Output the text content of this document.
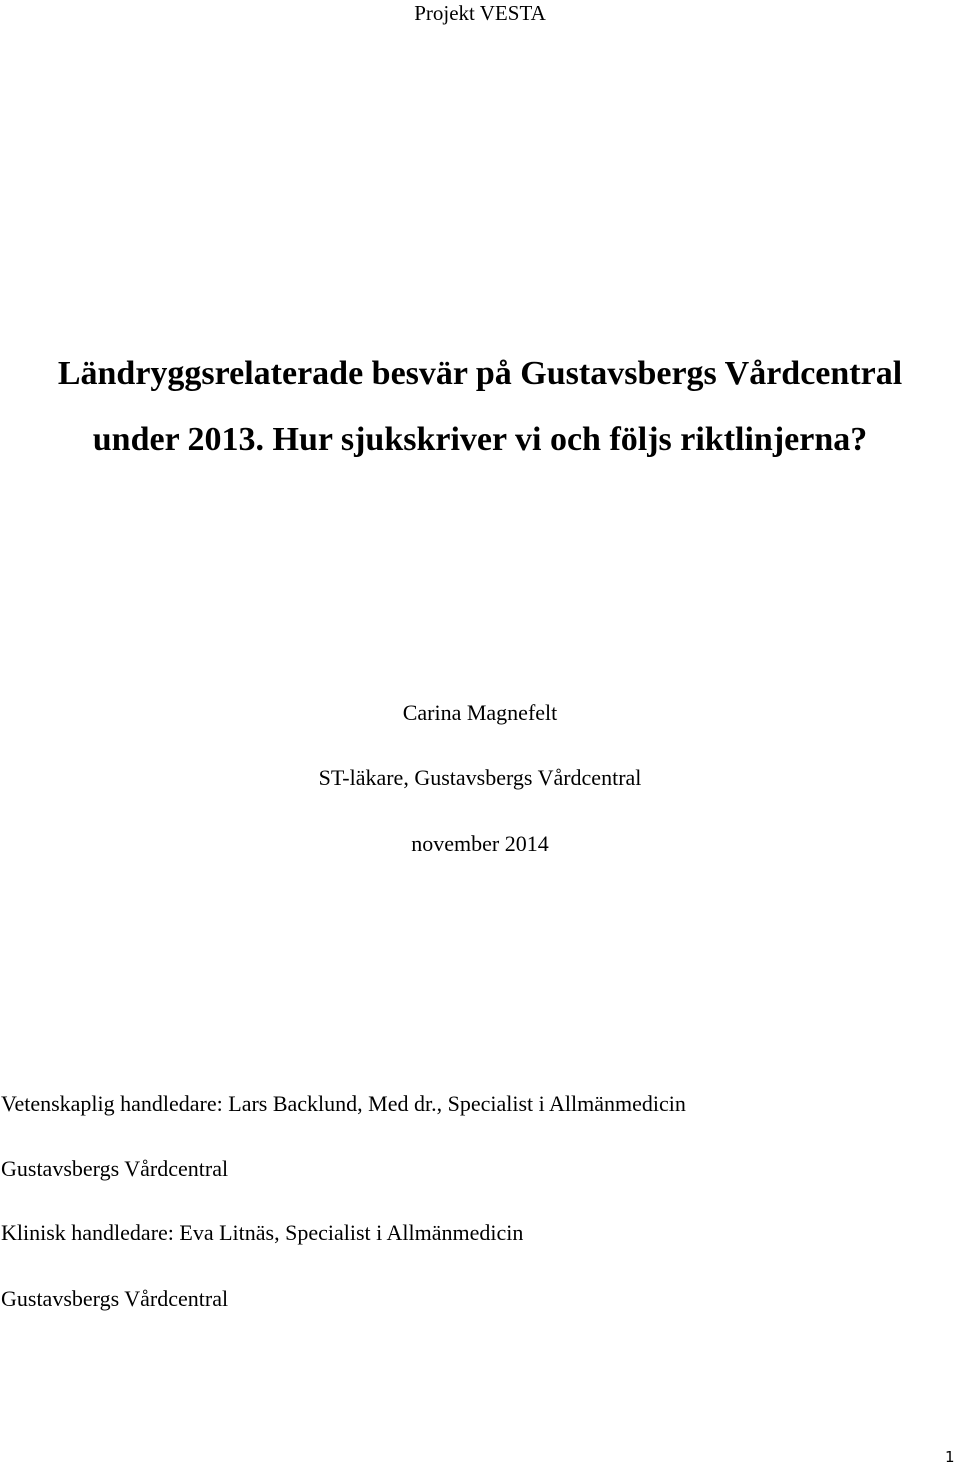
Projekt VESTA
Ländryggsrelaterade besvär på Gustavsbergs Vårdcentral
under 2013. Hur sjukskriver vi och följs riktlinjerna?
Carina Magnefelt
ST-läkare, Gustavsbergs Vårdcentral
november 2014
Vetenskaplig handledare: Lars Backlund, Med dr., Specialist i Allmänmedicin
Gustavsbergs Vårdcentral
Klinisk handledare: Eva Litnäs, Specialist i Allmänmedicin
Gustavsbergs Vårdcentral
1
